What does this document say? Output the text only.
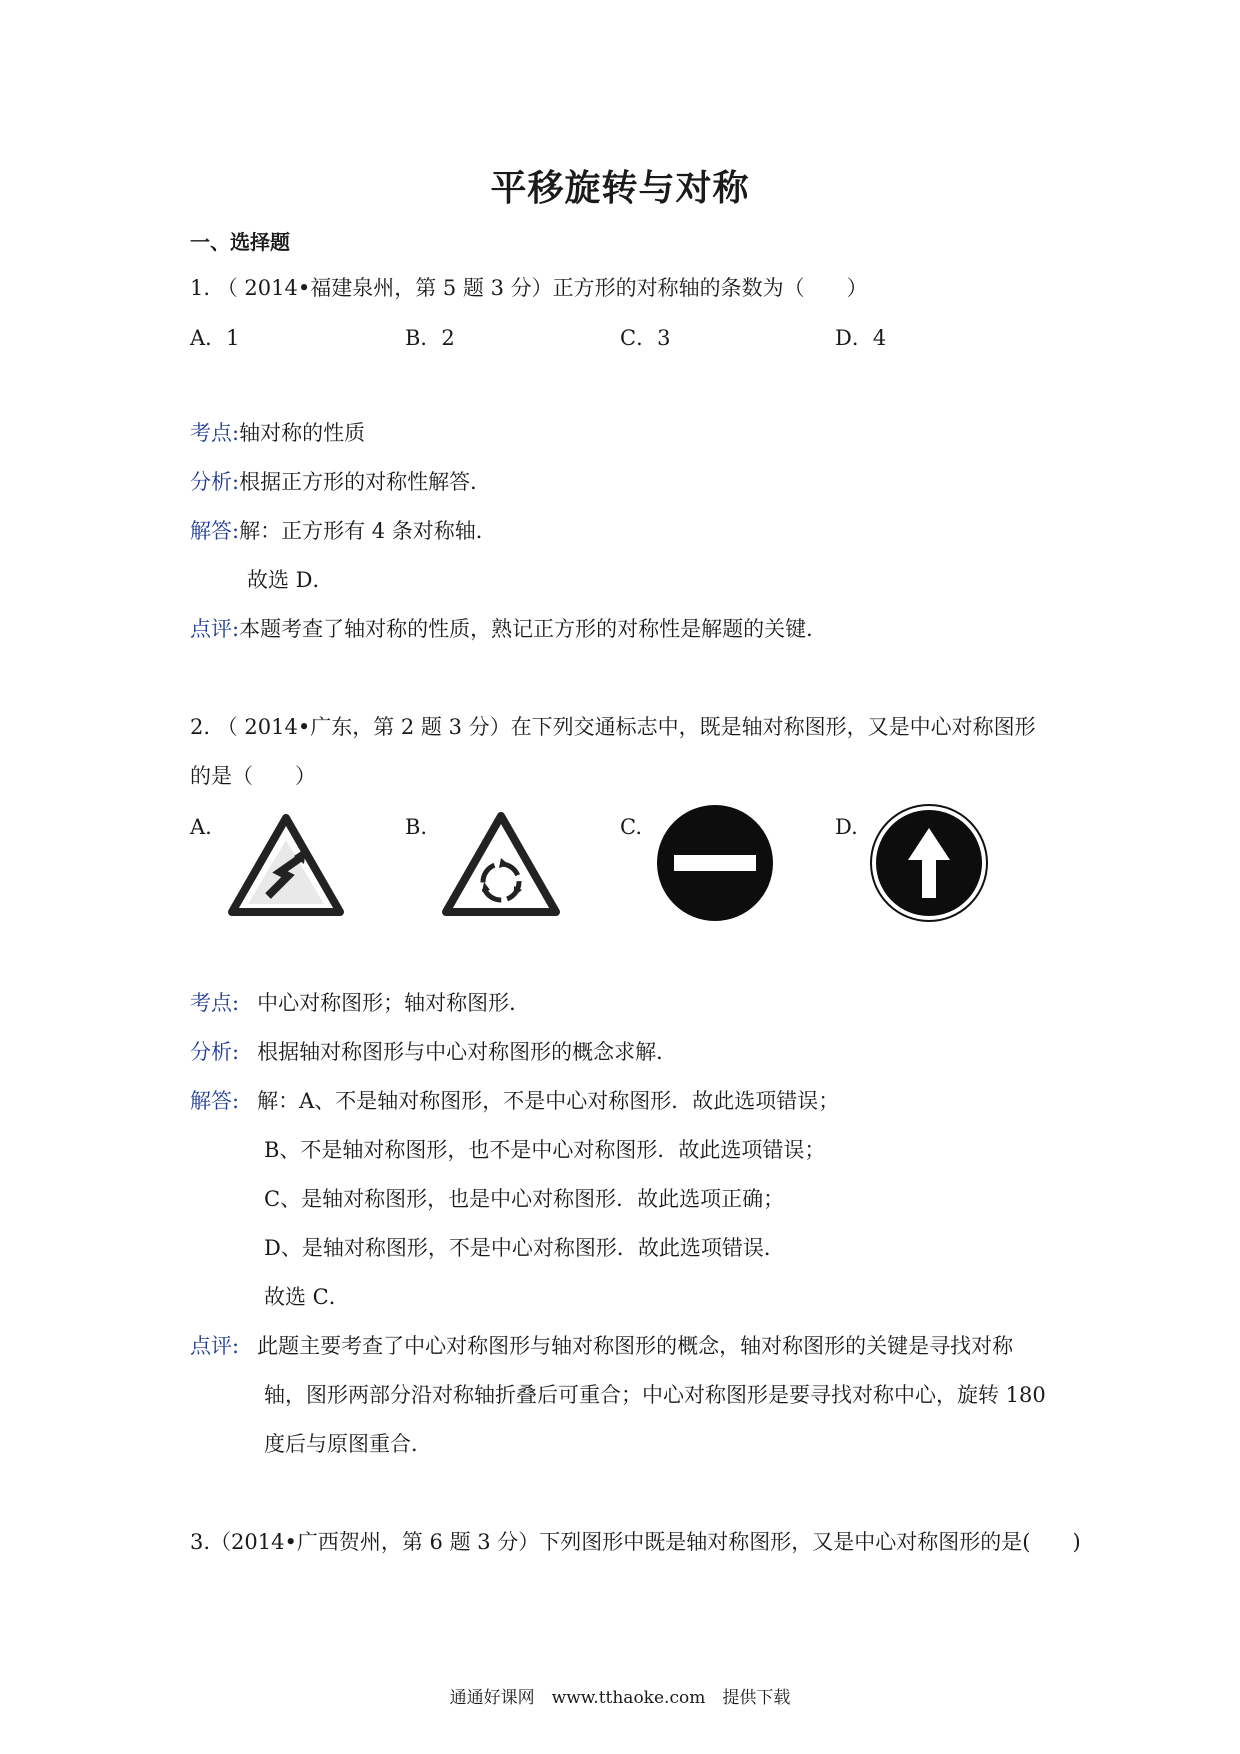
平移旋转与对称
一、选择题
1. （ 2014•福建泉州，第 5 题 3 分）正方形的对称轴的条数为（　　）
A．1	B．2	C．3	D．4
考点:轴对称的性质
分析:根据正方形的对称性解答．
解答:解：正方形有 4 条对称轴．
故选 D．
点评:本题考查了轴对称的性质，熟记正方形的对称性是解题的关键．
2. （ 2014•广东，第 2 题 3 分）在下列交通标志中，既是轴对称图形，又是中心对称图形
的是（　　）
A.	B.	C.	D.
考点: 中心对称图形；轴对称图形．
分析: 根据轴对称图形与中心对称图形的概念求解．
解答: 解：A、不是轴对称图形，不是中心对称图形．故此选项错误；
B、不是轴对称图形，也不是中心对称图形．故此选项错误；
C、是轴对称图形，也是中心对称图形．故此选项正确；
D、是轴对称图形，不是中心对称图形．故此选项错误．
故选 C．
点评: 此题主要考查了中心对称图形与轴对称图形的概念，轴对称图形的关键是寻找对称
轴，图形两部分沿对称轴折叠后可重合；中心对称图形是要寻找对称中心，旋转 180
度后与原图重合．
3.（2014•广西贺州，第 6 题 3 分）下列图形中既是轴对称图形，又是中心对称图形的是(　　)
通通好课网　www.tthaoke.com　提供下载
